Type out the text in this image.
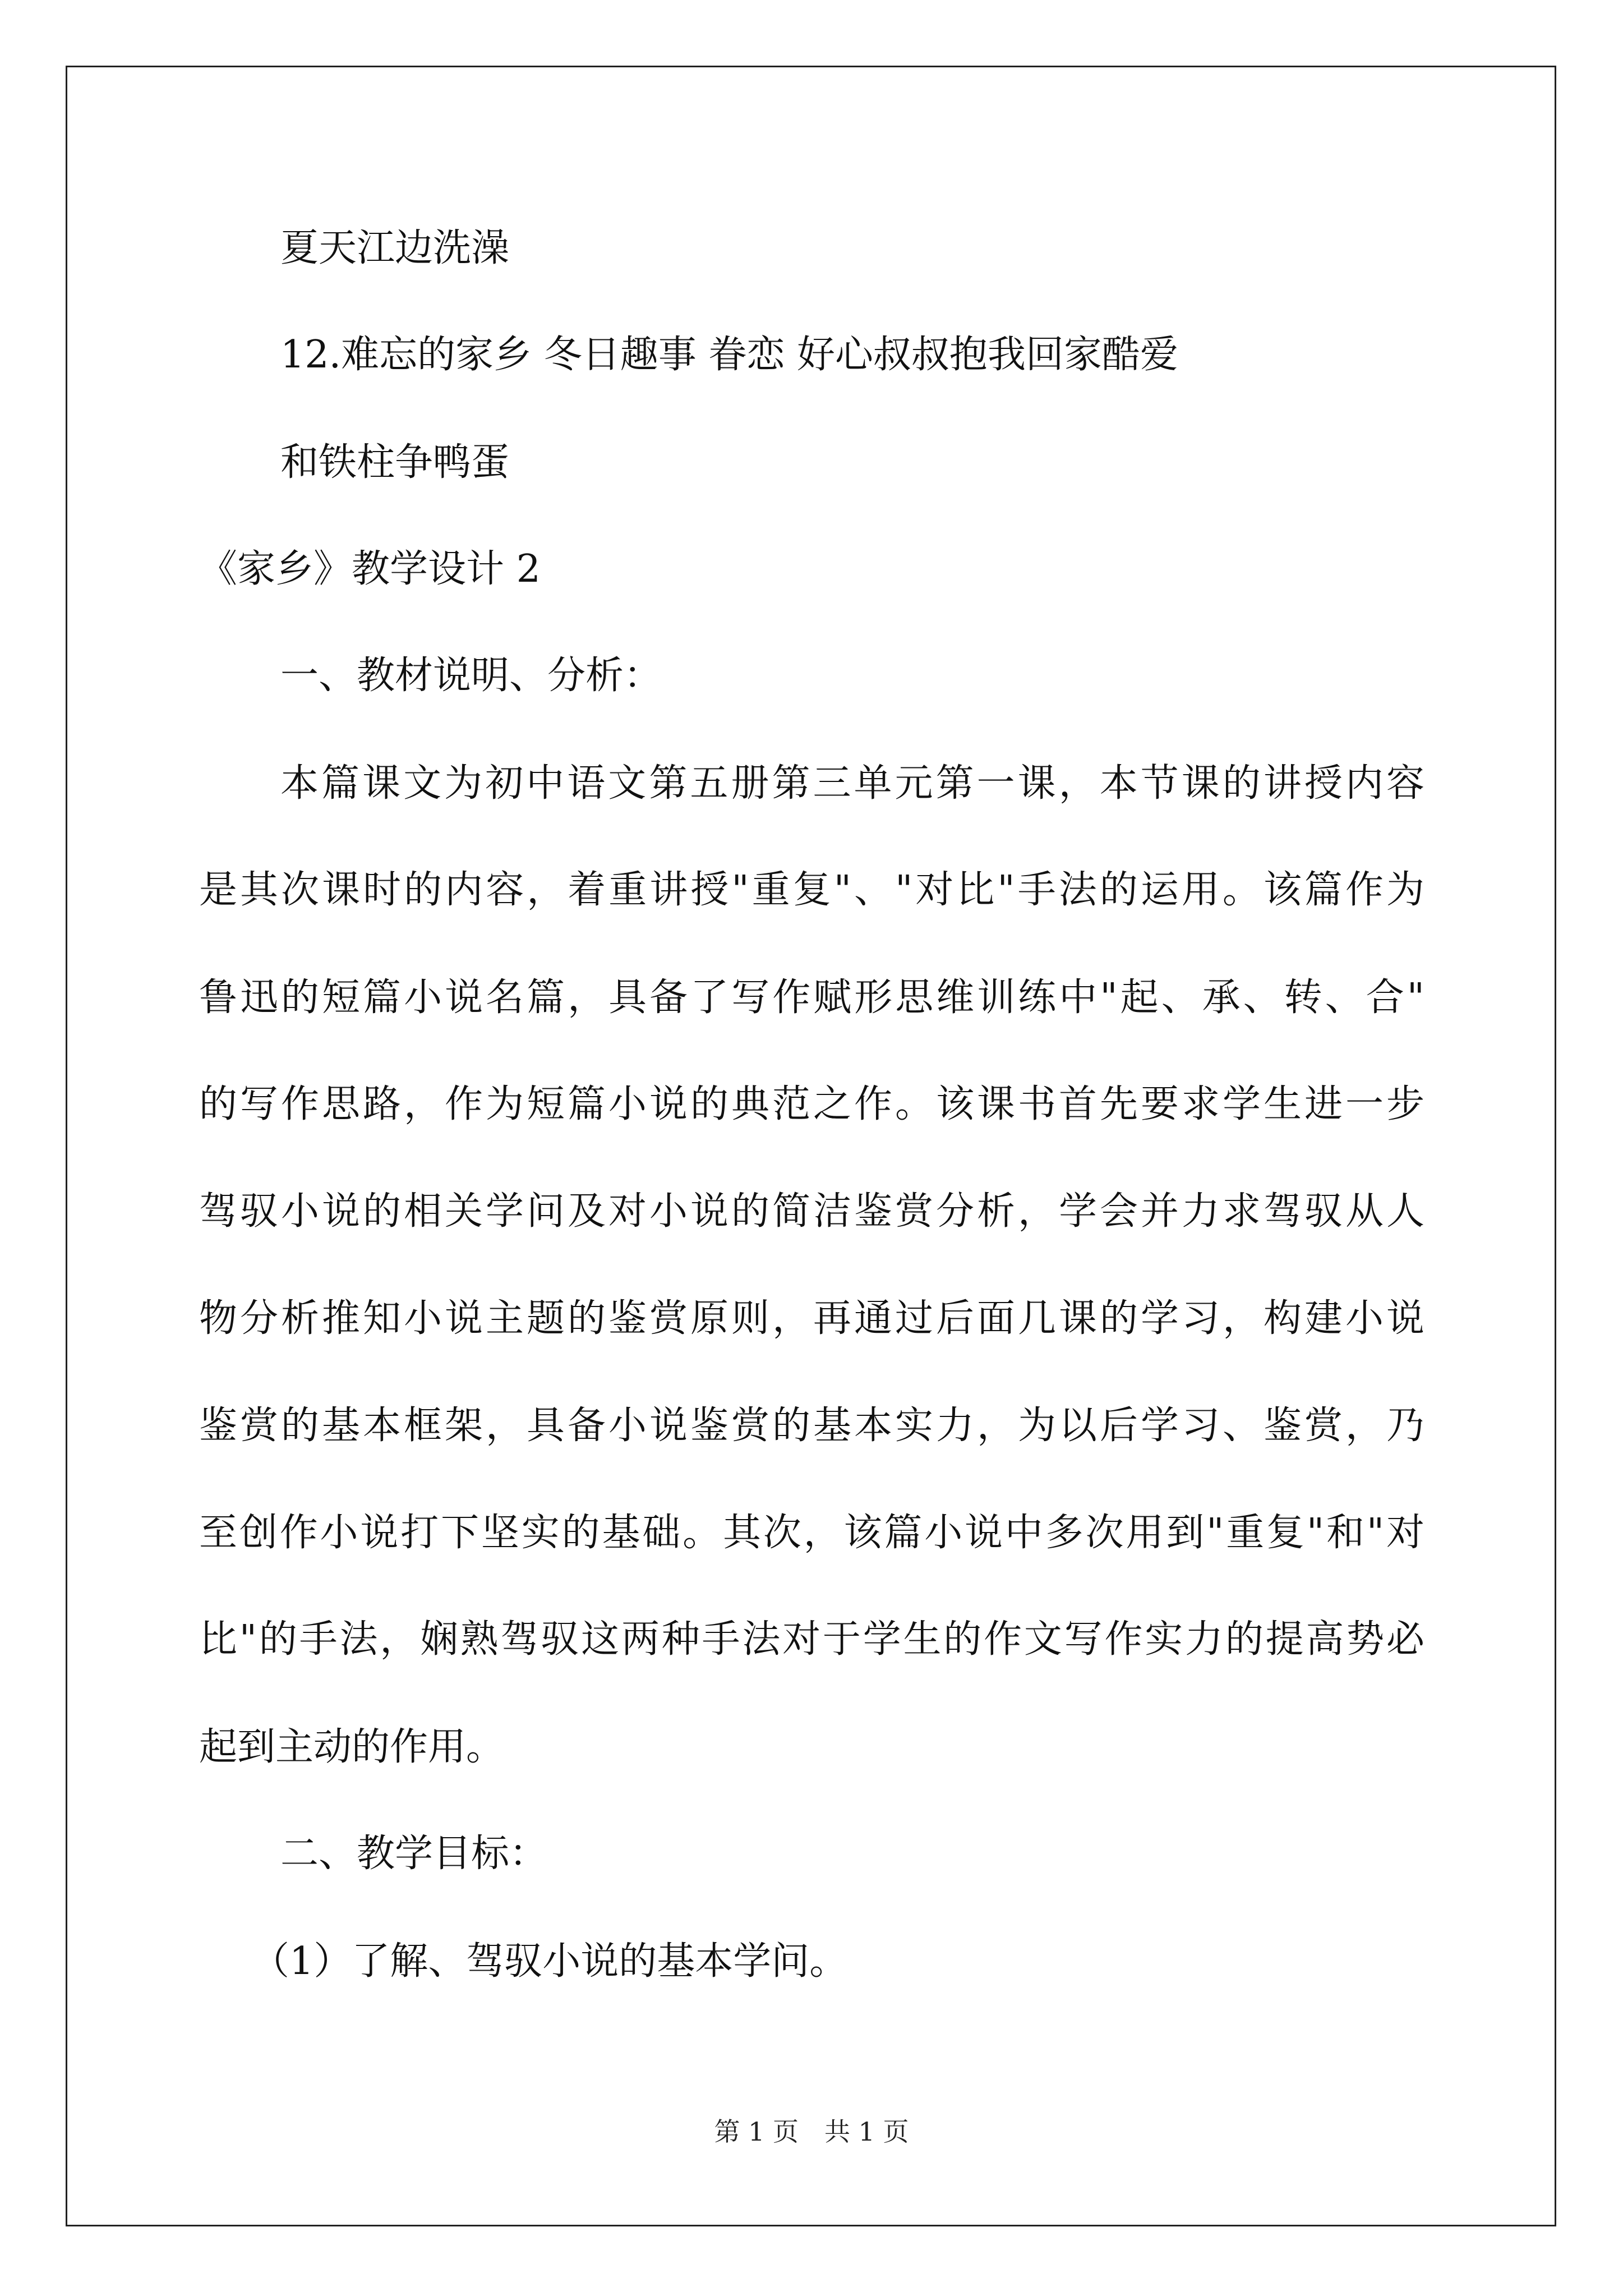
夏天江边洗澡
12.难忘的家乡 冬日趣事 眷恋 好心叔叔抱我回家酷爱
和铁柱争鸭蛋
《家乡》教学设计 2
一、教材说明、分析：
本篇课文为初中语文第五册第三单元第一课，本节课的讲授内容
是其次课时的内容，着重讲授"重复"、"对比"手法的运用。该篇作为
鲁迅的短篇小说名篇，具备了写作赋形思维训练中"起、承、转、合"
的写作思路，作为短篇小说的典范之作。该课书首先要求学生进一步
驾驭小说的相关学问及对小说的简洁鉴赏分析，学会并力求驾驭从人
物分析推知小说主题的鉴赏原则，再通过后面几课的学习，构建小说
鉴赏的基本框架，具备小说鉴赏的基本实力，为以后学习、鉴赏，乃
至创作小说打下坚实的基础。其次，该篇小说中多次用到"重复"和"对
比"的手法，娴熟驾驭这两种手法对于学生的作文写作实力的提高势必
起到主动的作用。
二、教学目标：
（1）了解、驾驭小说的基本学问。
第 1 页　共 1 页
